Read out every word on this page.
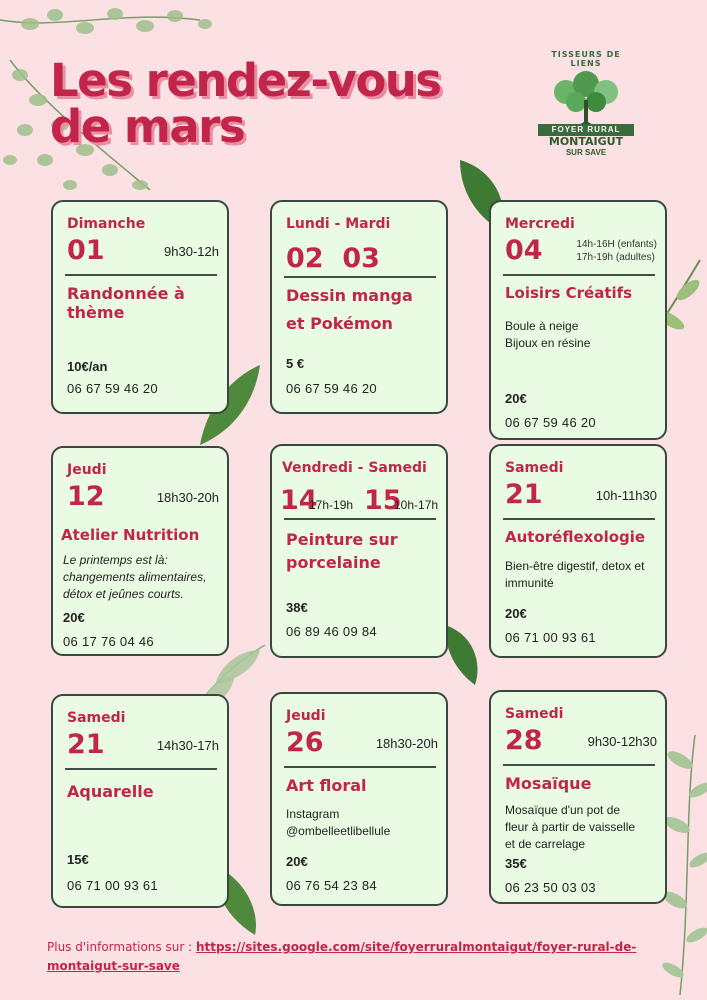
Les rendez-vous
de mars
TISSEURS DE LIENS
FOYER RURAL
MONTAIGUT
SUR SAVE
Dimanche
01	9h30-12h
Randonnée à
thème
10€/an
06 67 59 46 20
Lundi - Mardi
02  03
Dessin manga
et Pokémon
5 €
06 67 59 46 20
Mercredi
04	14h-16H (enfants)
17h-19h (adultes)
Loisirs Créatifs
Boule à neige
Bijoux en résine
20€
06 67 59 46 20
Jeudi
12	18h30-20h
Atelier Nutrition
Le printemps est là:
changements alimentaires,
détox et jeûnes courts.
20€
06 17 76 04 46
Vendredi - Samedi
14
17h-19h 15
10h-17h
Peinture sur
porcelaine
38€
06 89 46 09 84
Samedi
21	10h-11h30
Autoréflexologie
Bien-être digestif, detox et
immunité
20€
06 71 00 93 61
Samedi
21	14h30-17h
Aquarelle
15€
06 71 00 93 61
Jeudi
26	18h30-20h
Art floral
Instagram
@ombelleetlibellule
20€
06 76 54 23 84
Samedi
28	9h30-12h30
Mosaïque
Mosaïque d'un pot de
fleur à partir de vaisselle
et de carrelage
35€
06 23 50 03 03
Plus d'informations sur : https://sites.google.com/site/foyerruralmontaigut/foyer-rural-de-
montaigut-sur-save
